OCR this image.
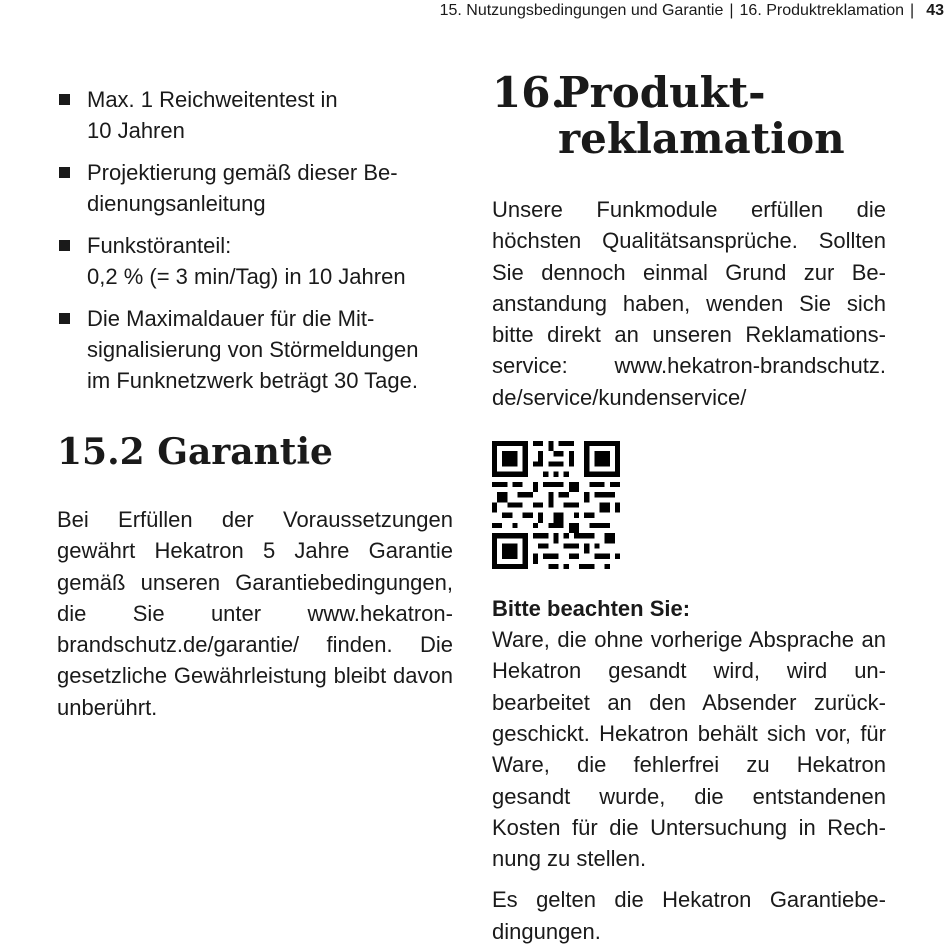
15. Nutzungsbedingungen und Garantie | 16. Produktreklamation | 43
Max. 1 Reichweitentest in
10 Jahren
Projektierung gemäß dieser Be-
dienungsanleitung
Funkstöranteil:
0,2 % (= 3 min/Tag) in 10 Jahren
Die Maximaldauer für die Mit-
signalisierung von Störmeldungen
im Funknetzwerk beträgt 30 Tage.
15.2 Garantie

Bei Erfüllen der Voraussetzungen gewährt Hekatron 5 Jahre Garantie gemäß unseren Garantiebedingungen, die Sie unter www.hekatronbrandschutz.de/garantie/ finden. Die gesetzliche Gewährleistung bleibt davon unberührt.

16.Produkt-
reklamation

Unsere Funkmodule erfüllen die höchsten Qualitätsansprüche. Sollten Sie dennoch einmal Grund zur Beanstandung haben, wenden Sie sich bitte direkt an unseren Reklamationsservice: www.hekatron-brandschutz.​de/service/kundenservice/

Bitte beachten Sie:

Ware, die ohne vorherige Absprache an Hekatron gesandt wird, wird unbearbeitet an den Absender zurückgeschickt. Hekatron behält sich vor, für Ware, die fehlerfrei zu Hekatron gesandt wurde, die entstandenen Kosten für die Untersuchung in Rechnung zu stellen.

Es gelten die Hekatron Garantiebedingungen.
